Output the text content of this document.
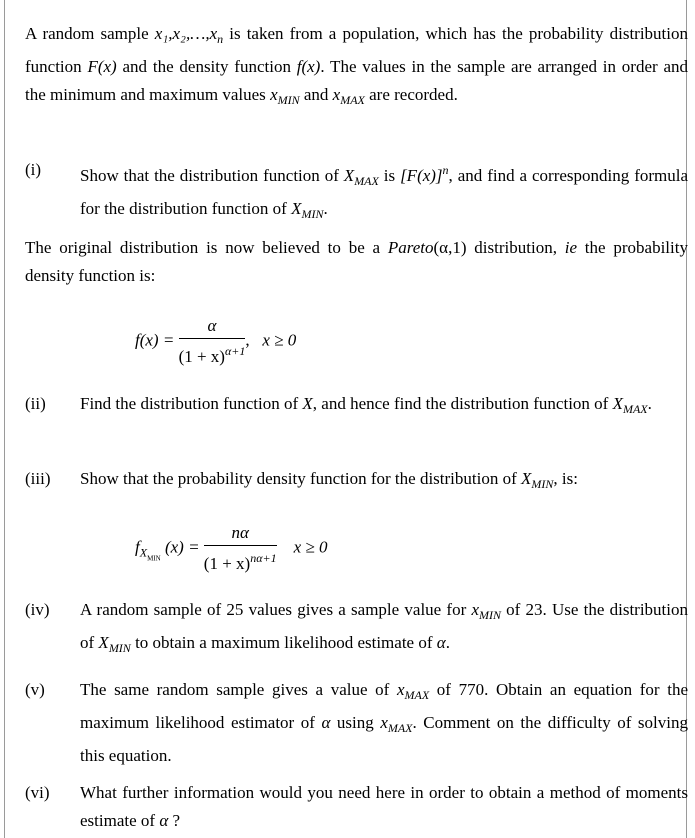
A random sample $x_1,x_2,\dots,x_n$ is taken from a population, which has the probability distribution function F(x) and the density function f(x). The values in the sample are arranged in order and the minimum and maximum values $x_{MIN}$ and $x_{MAX}$ are recorded.
(i) Show that the distribution function of $X_{MAX}$ is $[F(x)]^n$, and find a corresponding formula for the distribution function of $X_{MIN}$.
The original distribution is now believed to be a Pareto(α,1) distribution, ie the probability density function is:
$f(x) = \frac{\alpha}{(1 + x)^{\alpha+1}}$ , x ≥ 0
(ii) Find the distribution function of X, and hence find the distribution function of $X_{MAX}$.
(iii) Show that the probability density function for the distribution of $X_{MIN}$, is:
$f_{XMIN}$ $(x) = \frac{n\alpha}{(1 + x)^{n\alpha+1}}$ x ≥ 0
(iv) A random sample of 25 values gives a sample value for $x_{MIN}$ of 23. Use the distribution of $X_{MIN}$ to obtain a maximum likelihood estimate of α.
(v) The same random sample gives a value of $x_{MAX}$ of 770. Obtain an equation for the maximum likelihood estimator of α using $x_{MAX}$. Comment on the difficulty of solving this equation.
(vi) What further information would you need here in order to obtain a method of moments estimate of α ?
